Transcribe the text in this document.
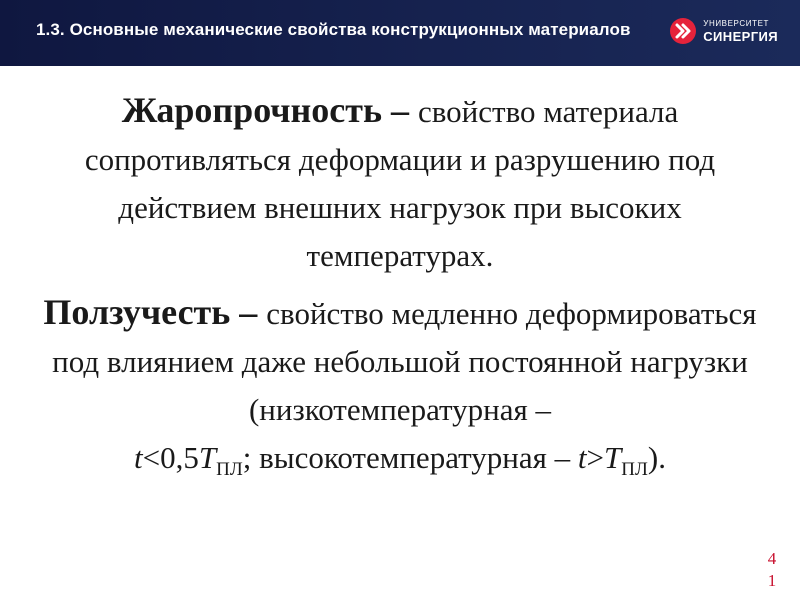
1.3. Основные механические свойства конструкционных материалов	УНИВЕРСИТЕТ
СИНЕРГИЯ
Жаропрочность – свойство материала сопротивляться деформации и разрушению под действием внешних нагрузок при высоких температурах.
Ползучесть – свойство медленно деформироваться под влиянием даже небольшой постоянной нагрузки (низкотемпературная –
$t<0,5T_{ПЛ}$; высокотемпературная – $t>T_{ПЛ}$).
4
1
